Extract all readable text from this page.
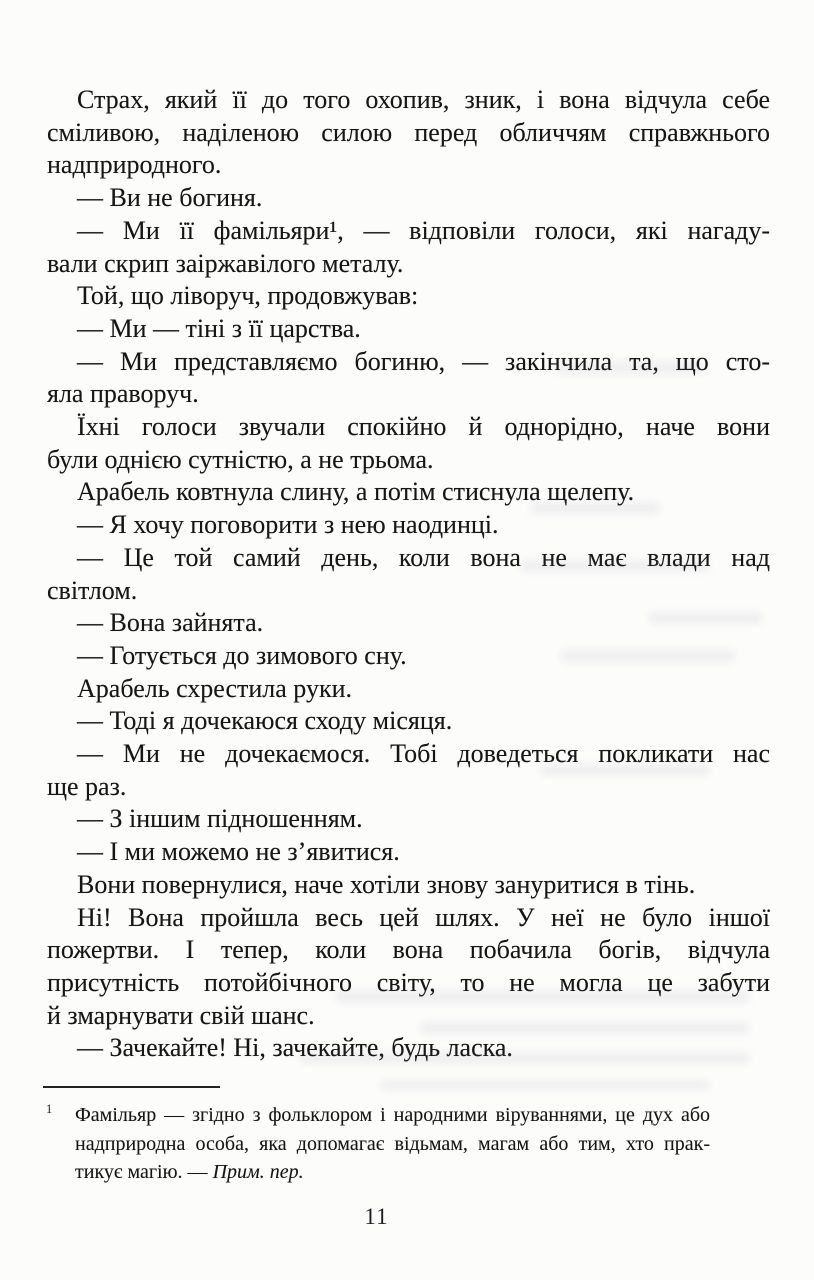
Страх, який її до того охопив, зник, і вона відчула себе
сміливою, наділеною силою перед обличчям справжнього
надприродного.
— Ви не богиня.
— Ми її фамільяри¹, — відповіли голоси, які нагаду-
вали скрип заіржавілого металу.
Той, що ліворуч, продовжував:
— Ми — тіні з її царства.
— Ми представляємо богиню, — закінчила та, що сто-
яла праворуч.
Їхні голоси звучали спокійно й однорідно, наче вони
були однією сутністю, а не трьома.
Арабель ковтнула слину, а потім стиснула щелепу.
— Я хочу поговорити з нею наодинці.
— Це той самий день, коли вона не має влади над
світлом.
— Вона зайнята.
— Готується до зимового сну.
Арабель схрестила руки.
— Тоді я дочекаюся сходу місяця.
— Ми не дочекаємося. Тобі доведеться покликати нас
ще раз.
— З іншим підношенням.
— І ми можемо не з’явитися.
Вони повернулися, наче хотіли знову зануритися в тінь.
Ні! Вона пройшла весь цей шлях. У неї не було іншої
пожертви. І тепер, коли вона побачила богів, відчула
присутність потойбічного світу, то не могла це забути
й змарнувати свій шанс.
— Зачекайте! Ні, зачекайте, будь ласка.
1 Фамільяр — згідно з фольклором і народними віруваннями, це дух або
надприродна особа, яка допомагає відьмам, магам або тим, хто прак-
тикує магію. — Прим. пер.
11
